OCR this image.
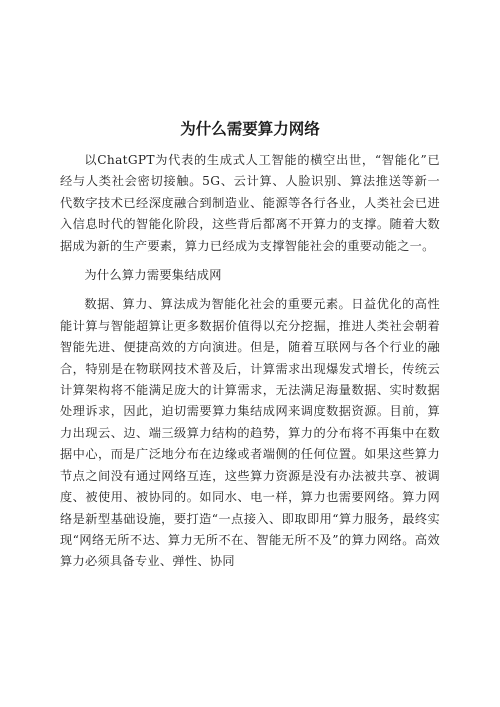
为什么需要算力网络

以ChatGPT为代表的生成式人工智能的横空出世，“智能化”已经与人类社会密切接触。5G、云计算、人脸识别、算法推送等新一代数字技术已经深度融合到制造业、能源等各行各业，人类社会已进入信息时代的智能化阶段，这些背后都离不开算力的支撑。随着大数据成为新的生产要素，算力已经成为支撑智能社会的重要动能之一。

为什么算力需要集结成网

数据、算力、算法成为智能化社会的重要元素。日益优化的高性能计算与智能超算让更多数据价值得以充分挖掘，推进人类社会朝着智能先进、便捷高效的方向演进。但是，随着互联网与各个行业的融合，特别是在物联网技术普及后，计算需求出现爆发式增长，传统云计算架构将不能满足庞大的计算需求，无法满足海量数据、实时数据处理诉求，因此，迫切需要算力集结成网来调度数据资源。目前，算力出现云、边、端三级算力结构的趋势，算力的分布将不再集中在数据中心，而是广泛地分布在边缘或者端侧的任何位置。如果这些算力节点之间没有通过网络互连，这些算力资源是没有办法被共享、被调度、被使用、被协同的。如同水、电一样，算力也需要网络。算力网络是新型基础设施，要打造“一点接入、即取即用“算力服务，最终实现“网络无所不达、算力无所不在、智能无所不及”的算力网络。高效算力必须具备专业、弹性、协同
